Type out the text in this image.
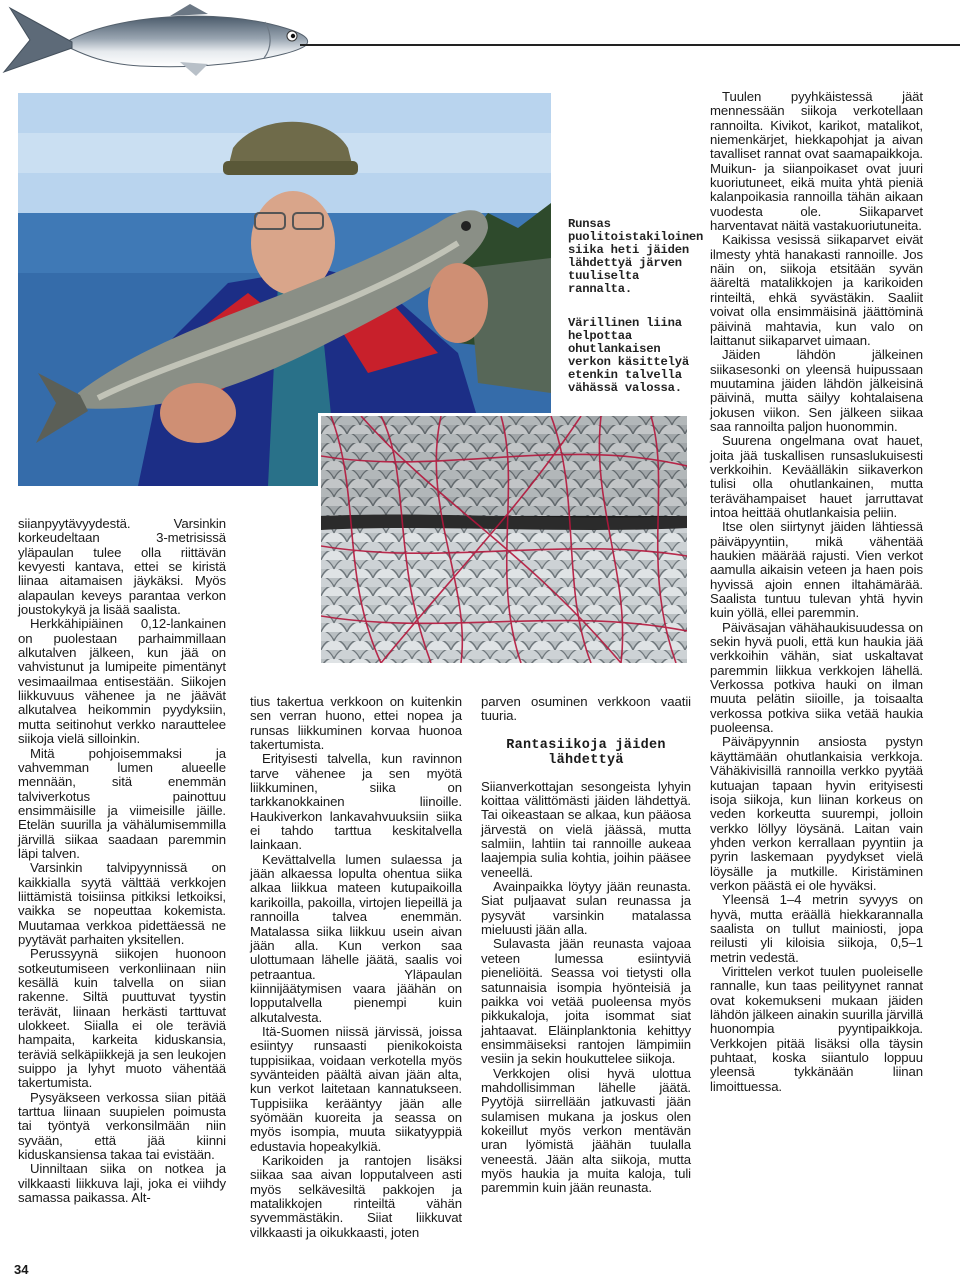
Runsas puolitoistakiloinen siika heti jäiden lähdettyä järven tuuliselta rannalta.
Värillinen liina helpottaa ohutlankaisen verkon käsittelyä etenkin talvella vähässä valossa.

siianpyytävyydestä. Varsinkin korkeudeltaan 3-metrisissä yläpaulan tulee olla riittävän kevyesti kantava, ettei se kiristä liinaa aitamaisen jäykäksi. Myös alapaulan keveys parantaa verkon joustokykyä ja lisää saalista.

Herkkähipiäinen 0,12-lankainen on puolestaan parhaimmillaan alkutalven jälkeen, kun jää on vahvistunut ja lumipeite pimentänyt vesimaailmaa entisestään. Siikojen liikkuvuus vähenee ja ne jäävät alkutalvea heikommin pyydyksiin, mutta seitinohut verkko narauttelee siikoja vielä silloinkin.

Mitä pohjoisemmaksi ja vahvemman lumen alueelle mennään, sitä enemmän talviverkotus painottuu ensimmäisille ja viimeisille jäille. Etelän suurilla ja vähälumisemmilla järvillä siikaa saadaan paremmin läpi talven.

Varsinkin talvipyynnissä on kaikkialla syytä välttää verkkojen liittämistä toisiinsa pitkiksi letkoiksi, vaikka se nopeuttaa kokemista. Muutamaa verkkoa pidettäessä ne pyytävät parhaiten yksitellen.

Perussyynä siikojen huonoon sotkeutumiseen verkonliinaan niin kesällä kuin talvella on siian rakenne. Siltä puuttuvat tyystin terävät, liinaan herkästi tarttuvat ulokkeet. Siialla ei ole teräviä hampaita, karkeita kiduskansia, teräviä selkäpiikkejä ja sen leukojen suippo ja lyhyt muoto vähentää takertumista.

Pysyäkseen verkossa siian pitää tarttua liinaan suupielen poimusta tai työntyä verkonsilmään niin syvään, että jää kiinni kiduskansiensa takaa tai evistään.

Uinniltaan siika on notkea ja vilkkaasti liikkuva laji, joka ei viihdy samassa paikassa. Alt-

tius takertua verkkoon on kuitenkin sen verran huono, ettei nopea ja runsas liikkuminen korvaa huonoa takertumista.

Erityisesti talvella, kun ravinnon tarve vähenee ja sen myötä liikkuminen, siika on tarkkanokkainen liinoille. Haukiverkon lankavahvuuksiin siika ei tahdo tarttua keskitalvella lainkaan.

Kevättalvella lumen sulaessa ja jään alkaessa lopulta ohentua siika alkaa liikkua mateen kutupaikoilla karikoilla, pakoilla, virtojen liepeillä ja rannoilla talvea enemmän. Matalassa siika liikkuu usein aivan jään alla. Kun verkon saa ulottumaan lähelle jäätä, saalis voi petraantua. Yläpaulan kiinnijäätymisen vaara jäähän on lopputalvella pienempi kuin alkutalvesta.

Itä-Suomen niissä järvissä, joissa esiintyy runsaasti pienikokoista tuppisiikaa, voidaan verkotella myös syvänteiden päältä aivan jään alta, kun verkot laitetaan kannatukseen. Tuppisiika kerääntyy jään alle syömään kuoreita ja seassa on myös isompia, muuta siikatyyppiä edustavia hopeakylkiä.

Karikoiden ja rantojen lisäksi siikaa saa aivan lopputalveen asti myös selkävesiltä pakkojen ja matalikkojen rinteiltä vähän syvemmästäkin. Siiat liikkuvat vilkkaasti ja oikukkaasti, joten

parven osuminen verkkoon vaatii tuuria.

Rantasiikoja jäiden lähdettyä

Siianverkottajan sesongeista lyhyin koittaa välittömästi jäiden lähdettyä. Tai oikeastaan se alkaa, kun pääosa järvestä on vielä jäässä, mutta salmiin, lahtiin tai rannoille aukeaa laajempia sulia kohtia, joihin pääsee veneellä.

Avainpaikka löytyy jään reunasta. Siat puljaavat sulan reunassa ja pysyvät varsinkin matalassa mieluusti jään alla.

Sulavasta jään reunasta vajoaa veteen lumessa esiintyviä pieneliöitä. Seassa voi tietysti olla satunnaisia isompia hyönteisiä ja paikka voi vetää puoleensa myös pikkukaloja, joita isommat siat jahtaavat. Eläinplanktonia kehittyy ensimmäiseksi rantojen lämpimiin vesiin ja sekin houkuttelee siikoja.

Verkkojen olisi hyvä ulottua mahdollisimman lähelle jäätä. Pyytöjä siirrellään jatkuvasti jään sulamisen mukana ja joskus olen kokeillut myös verkon mentävän uran lyömistä jäähän tuulalla veneestä. Jään alta siikoja, mutta myös haukia ja muita kaloja, tuli paremmin kuin jään reunasta.

Tuulen pyyhkäistessä jäät mennessään siikoja verkotellaan rannoilta. Kivikot, karikot, matalikot, niemenkärjet, hiekkapohjat ja aivan tavalliset rannat ovat saamapaikkoja. Muikun- ja siianpoikaset ovat juuri kuoriutuneet, eikä muita yhtä pieniä kalanpoikasia rannoilla tähän aikaan vuodesta ole. Siikaparvet harventavat näitä vastakuoriutuneita.

Kaikissa vesissä siikaparvet eivät ilmesty yhtä hanakasti rannoille. Jos näin on, siikoja etsitään syvän ääreltä matalikkojen ja karikoiden rinteiltä, ehkä syvästäkin. Saaliit voivat olla ensimmäisinä jäättöminä päivinä mahtavia, kun valo on laittanut siikaparvet uimaan.

Jäiden lähdön jälkeinen siikasesonki on yleensä huipussaan muutamina jäiden lähdön jälkeisinä päivinä, mutta säilyy kohtalaisena jokusen viikon. Sen jälkeen siikaa saa rannoilta paljon huonommin.

Suurena ongelmana ovat hauet, joita jää tuskallisen runsaslukuisesti verkkoihin. Keväälläkin siikaverkon tulisi olla ohutlankainen, mutta terävähampaiset hauet jarruttavat intoa heittää ohutlankaisia peliin.

Itse olen siirtynyt jäiden lähtiessä päiväpyyntiin, mikä vähentää haukien määrää rajusti. Vien verkot aamulla aikaisin veteen ja haen pois hyvissä ajoin ennen iltahämärää. Saalista tuntuu tulevan yhtä hyvin kuin yöllä, ellei paremmin.

Päiväsajan vähähaukisuudessa on sekin hyvä puoli, että kun haukia jää verkkoihin vähän, siat uskaltavat paremmin liikkua verkkojen lähellä. Verkossa potkiva hauki on ilman muuta pelätin siioille, ja toisaalta verkossa potkiva siika vetää haukia puoleensa.

Päiväpyynnin ansiosta pystyn käyttämään ohutlankaisia verkkoja. Vähäkivisillä rannoilla verkko pyytää kutuajan tapaan hyvin erityisesti isoja siikoja, kun liinan korkeus on veden korkeutta suurempi, jolloin verkko löllyy löysänä. Laitan vain yhden verkon kerrallaan pyyntiin ja pyrin laskemaan pyydykset vielä löysälle ja mutkille. Kiristäminen verkon päästä ei ole hyväksi.

Yleensä 1–4 metrin syvyys on hyvä, mutta eräällä hiekkarannalla saalista on tullut mainiosti, jopa reilusti yli kiloisia siikoja, 0,5–1 metrin vedestä.

Virittelen verkot tuulen puoleiselle rannalle, kun taas peilityynet rannat ovat kokemukseni mukaan jäiden lähdön jälkeen ainakin suurilla järvillä huonompia pyyntipaikkoja. Verkkojen pitää lisäksi olla täysin puhtaat, koska siiantulo loppuu yleensä tykkänään liinan limoittuessa.

34
